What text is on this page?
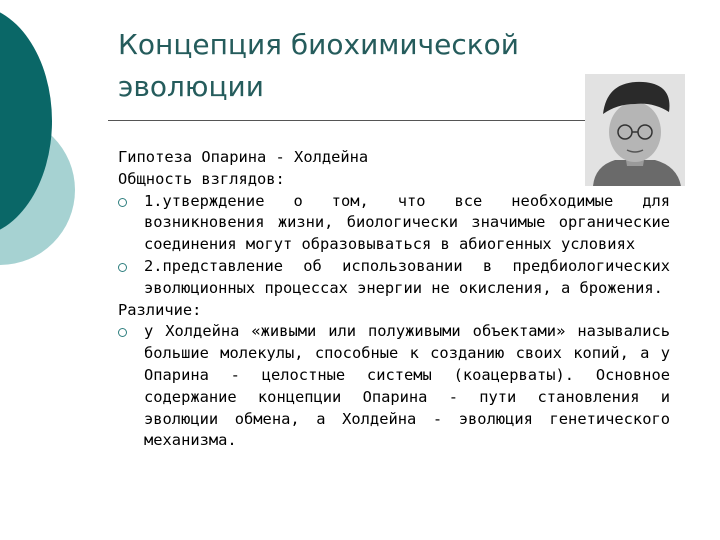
Концепция биохимической
эволюции

Гипотеза Опарина - Холдейна

Общность взглядов:

1.утверждение о том, что все необходимые для возникновения жизни, биологически значимые органические соединения могут образовываться в абиогенных условиях

2.представление об использовании в предбиологических эволюционных процессах энергии не окисления, а брожения.

Различие:

у Холдейна «живыми или полуживыми объектами» назывались большие молекулы, способные к созданию своих копий, а у Опарина - целостные системы (коацерваты). Основное содержание концепции Опарина - пути становления и эволюции обмена, а Холдейна - эволюция генетического механизма.
